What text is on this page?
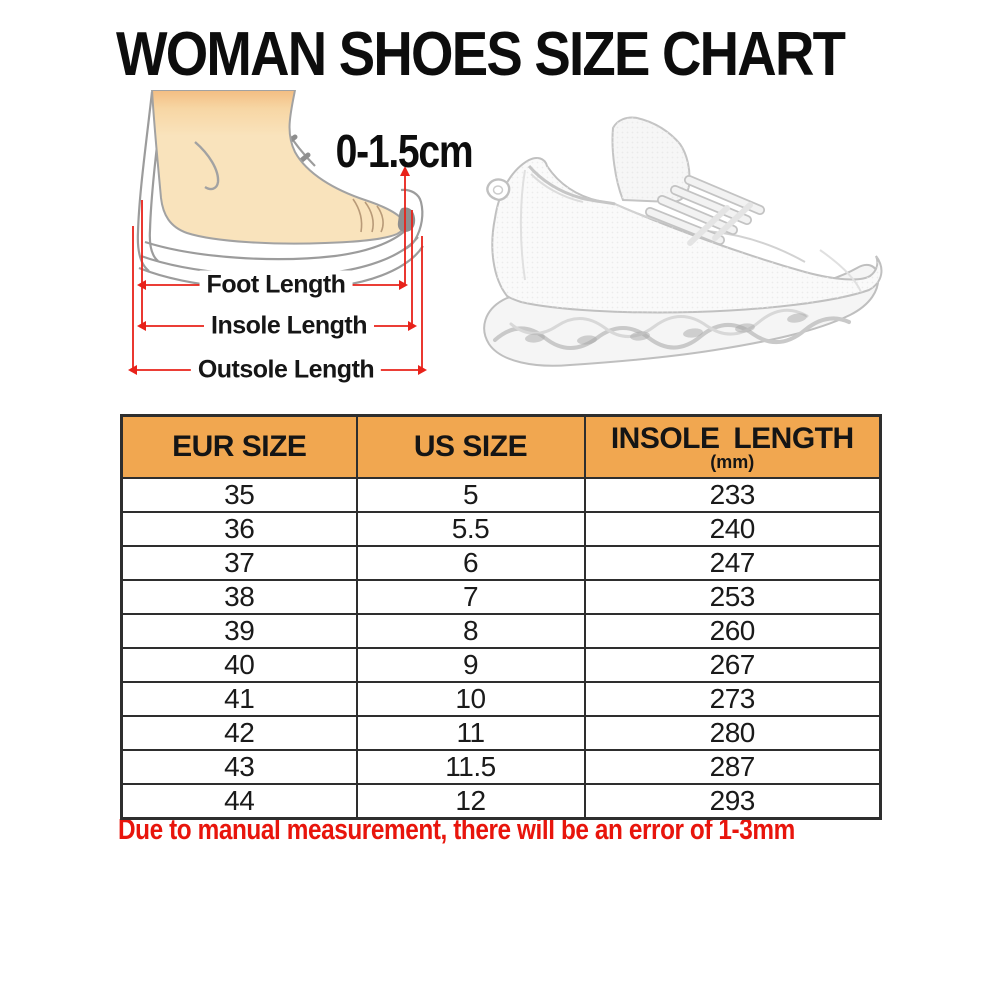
WOMAN SHOES SIZE CHART
0-1.5cm
Foot Length
Insole Length
Outsole Length
EUR SIZE	US SIZE	INSOLE LENGTH
(mm)

35	5	233
36	5.5	240
37	6	247
38	7	253
39	8	260
40	9	267
41	10	273
42	11	280
43	11.5	287
44	12	293
Due to manual measurement, there will be an error of 1-3mm
